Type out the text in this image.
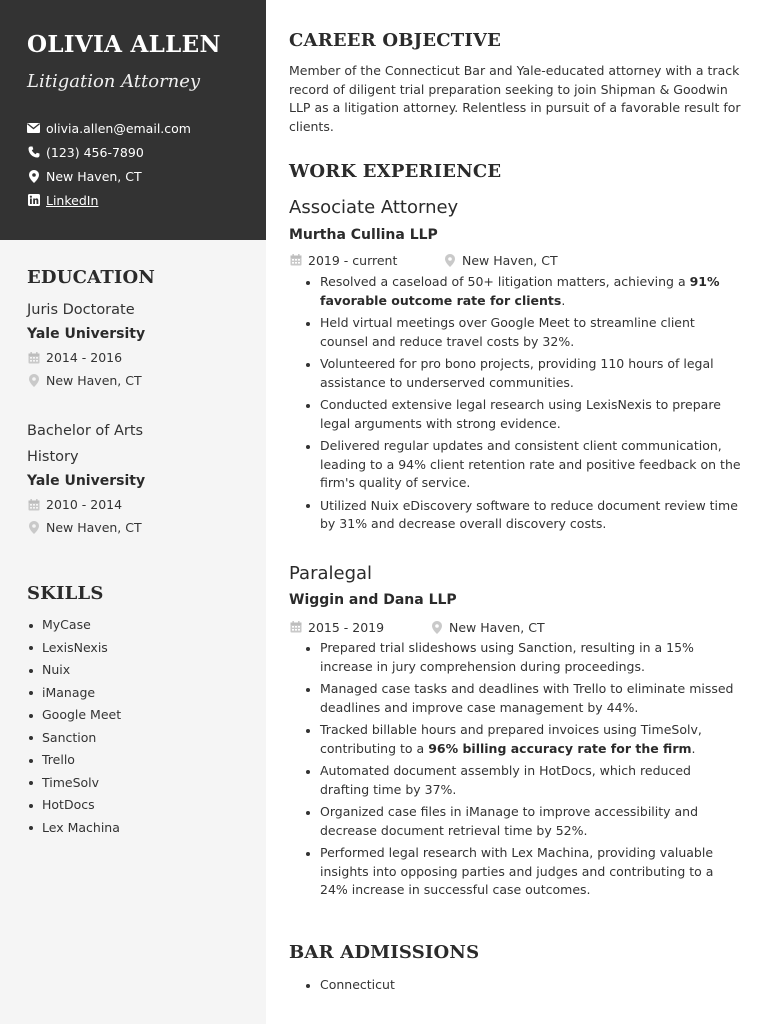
OLIVIA ALLEN
Litigation Attorney
olivia.allen@email.com
(123) 456-7890
New Haven, CT
LinkedIn
EDUCATION
Juris Doctorate
Yale University
2014 - 2016
New Haven, CT
Bachelor of Arts
History
Yale University
2010 - 2014
New Haven, CT
SKILLS
MyCase
LexisNexis
Nuix
iManage
Google Meet
Sanction
Trello
TimeSolv
HotDocs
Lex Machina
CAREER OBJECTIVE
Member of the Connecticut Bar and Yale-educated attorney with a track record of diligent trial preparation seeking to join Shipman & Goodwin LLP as a litigation attorney. Relentless in pursuit of a favorable result for clients.
WORK EXPERIENCE
Associate Attorney
Murtha Cullina LLP
2019 - current	New Haven, CT
Resolved a caseload of 50+ litigation matters, achieving a 91% favorable outcome rate for clients.
Held virtual meetings over Google Meet to streamline client counsel and reduce travel costs by 32%.
Volunteered for pro bono projects, providing 110 hours of legal assistance to underserved communities.
Conducted extensive legal research using LexisNexis to prepare legal arguments with strong evidence.
Delivered regular updates and consistent client communication, leading to a 94% client retention rate and positive feedback on the firm's quality of service.
Utilized Nuix eDiscovery software to reduce document review time by 31% and decrease overall discovery costs.
Paralegal
Wiggin and Dana LLP
2015 - 2019	New Haven, CT
Prepared trial slideshows using Sanction, resulting in a 15% increase in jury comprehension during proceedings.
Managed case tasks and deadlines with Trello to eliminate missed deadlines and improve case management by 44%.
Tracked billable hours and prepared invoices using TimeSolv, contributing to a 96% billing accuracy rate for the firm.
Automated document assembly in HotDocs, which reduced drafting time by 37%.
Organized case files in iManage to improve accessibility and decrease document retrieval time by 52%.
Performed legal research with Lex Machina, providing valuable insights into opposing parties and judges and contributing to a 24% increase in successful case outcomes.
BAR ADMISSIONS
Connecticut
